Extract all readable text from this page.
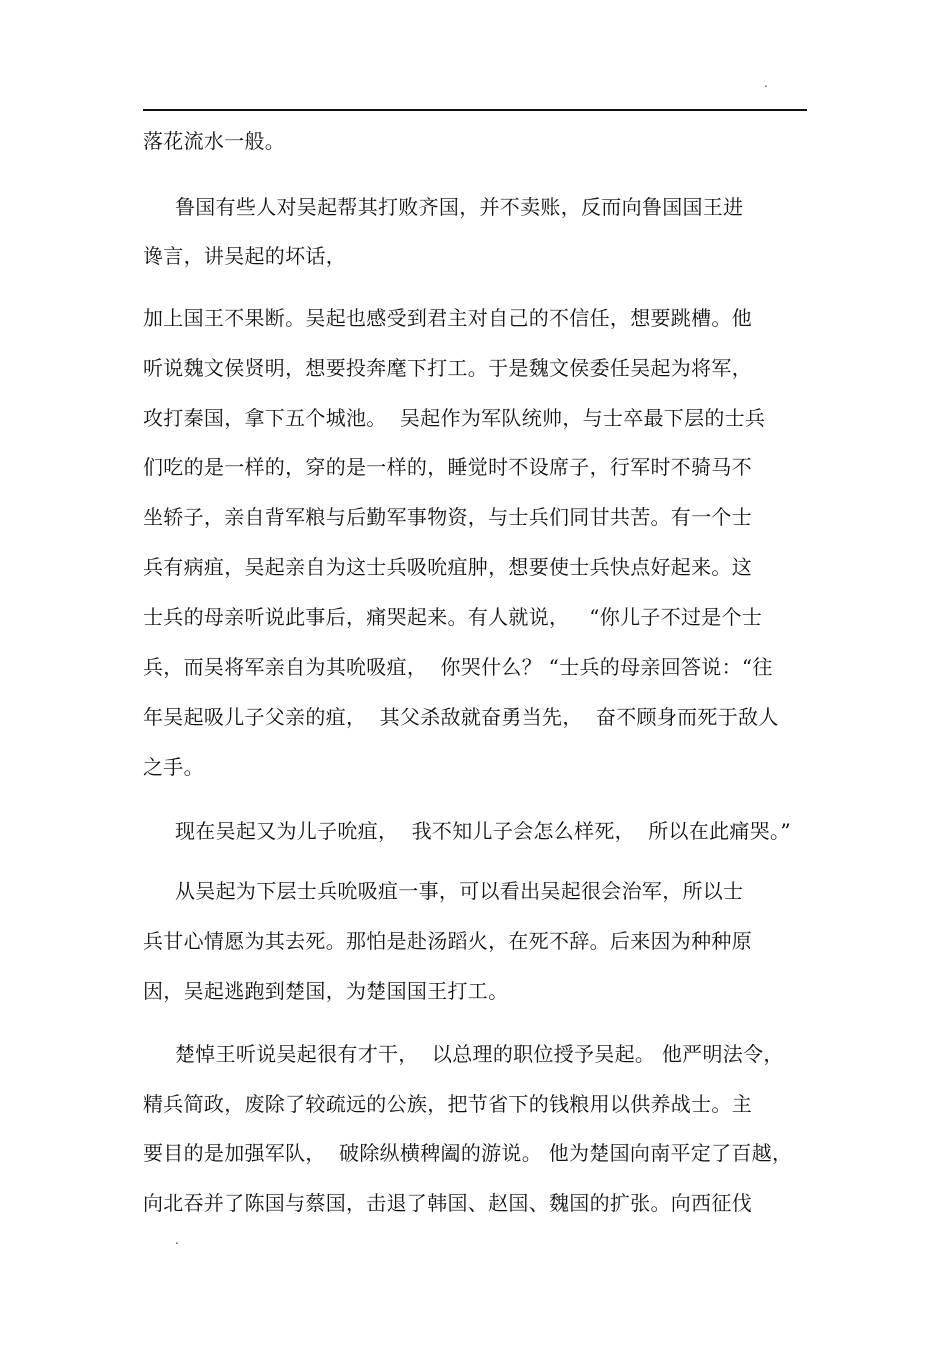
.
落花流水一般。
鲁国有些人对吴起帮其打败齐国，并不卖账，反而向鲁国国王进
谗言，讲吴起的坏话，
加上国王不果断。吴起也感受到君主对自己的不信任，想要跳槽。他
听说魏文侯贤明，想要投奔麾下打工。于是魏文侯委任吴起为将军，
攻打秦国，拿下五个城池。  吴起作为军队统帅，与士卒最下层的士兵
们吃的是一样的，穿的是一样的，睡觉时不设席子，行军时不骑马不
坐轿子，亲自背军粮与后勤军事物资，与士兵们同甘共苦。有一个士
兵有病疽，吴起亲自为这士兵吸吮疽肿，想要使士兵快点好起来。这
士兵的母亲听说此事后，痛哭起来。有人就说，   “你儿子不过是个士
兵，而吴将军亲自为其吮吸疽，  你哭什么？ “士兵的母亲回答说：“往
年吴起吸儿子父亲的疽，  其父杀敌就奋勇当先，  奋不顾身而死于敌人
之手。
现在吴起又为儿子吮疽，  我不知儿子会怎么样死，  所以在此痛哭。”
从吴起为下层士兵吮吸疽一事，可以看出吴起很会治军，所以士
兵甘心情愿为其去死。那怕是赴汤蹈火，在死不辞。后来因为种种原
因，吴起逃跑到楚国，为楚国国王打工。
楚悼王听说吴起很有才干，  以总理的职位授予吴起。 他严明法令，
精兵简政，废除了较疏远的公族，把节省下的钱粮用以供养战士。主
要目的是加强军队，  破除纵横稗阖的游说。 他为楚国向南平定了百越，
向北吞并了陈国与蔡国，击退了韩国、赵国、魏国的扩张。向西征伐
.
